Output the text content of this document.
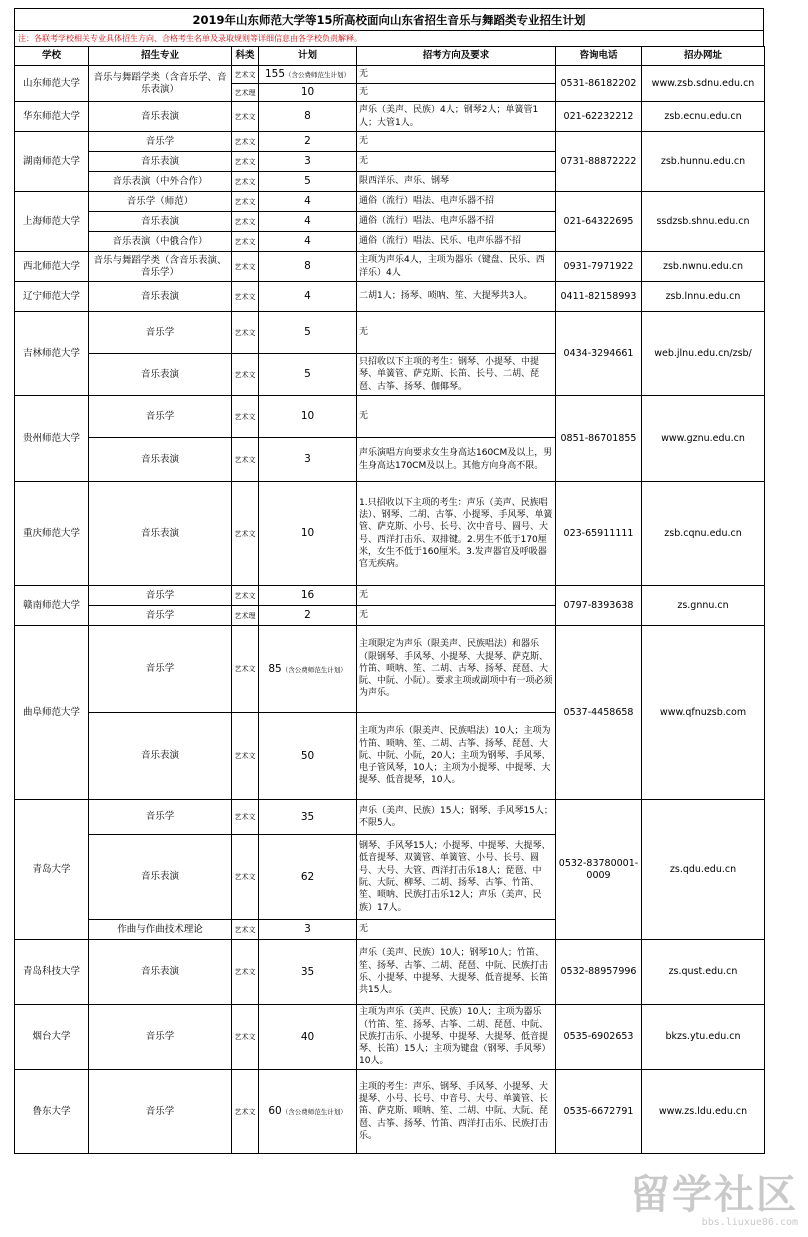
2019年山东师范大学等15所高校面向山东省招生音乐与舞蹈类专业招生计划
注：各联考学校相关专业具体招生方向、合格考生名单及录取规则等详细信息由各学校负责解释。
学校	招生专业	科类	计划	招考方向及要求	咨询电话	招办网址
山东师范大学	音乐与舞蹈学类（含音乐学、音乐表演）	艺术文	155（含公费师范生计划）	无	0531-86182202	www.zsb.sdnu.edu.cn
		艺术理	10	无		
华东师范大学	音乐表演	艺术文	8	声乐（美声、民族）4人；钢琴2人；单簧管1人；大管1人。	021-62232212	zsb.ecnu.edu.cn
湖南师范大学	音乐学	艺术文	2	无	0731-88872222	zsb.hunnu.edu.cn
	音乐表演	艺术文	3	无		
	音乐表演（中外合作）	艺术文	5	限西洋乐、声乐、钢琴		
上海师范大学	音乐学（师范）	艺术文	4	通俗（流行）唱法、电声乐器不招	021-64322695	ssdzsb.shnu.edu.cn
	音乐表演	艺术文	4	通俗（流行）唱法、电声乐器不招		
	音乐表演（中俄合作）	艺术文	4	通俗（流行）唱法、民乐、电声乐器不招		
西北师范大学	音乐与舞蹈学类（含音乐表演、音乐学）	艺术文	8	主项为声乐4人，主项为器乐（键盘、民乐、西洋乐）4人	0931-7971922	zsb.nwnu.edu.cn
辽宁师范大学	音乐表演	艺术文	4	二胡1人；扬琴、唢呐、笙、大提琴共3人。	0411-82158993	zsb.lnnu.edu.cn
吉林师范大学	音乐学	艺术文	5	无	0434-3294661	web.jlnu.edu.cn/zsb/
	音乐表演	艺术文	5	只招收以下主项的考生：钢琴、小提琴、中提琴、单簧管、萨克斯、长笛、长号、二胡、琵琶、古筝、扬琴、伽倻琴。		
贵州师范大学	音乐学	艺术文	10	无	0851-86701855	www.gznu.edu.cn
	音乐表演	艺术文	3	声乐演唱方向要求女生身高达160CM及以上，男生身高达170CM及以上。其他方向身高不限。		
重庆师范大学	音乐表演	艺术文	10	1.只招收以下主项的考生：声乐（美声、民族唱法）、钢琴、二胡、古筝、小提琴、手风琴、单簧管、萨克斯、小号、长号、次中音号、圆号、大号、西洋打击乐、双排键。2.男生不低于170厘米，女生不低于160厘米。3.发声器官及呼吸器官无疾病。	023-65911111	zsb.cqnu.edu.cn
赣南师范大学	音乐学	艺术文	16	无	0797-8393638	zs.gnnu.cn
	音乐学	艺术理	2	无		
曲阜师范大学	音乐学	艺术文	85（含公费师范生计划）	主项限定为声乐（限美声、民族唱法）和器乐（限钢琴、手风琴、小提琴、大提琴、萨克斯、竹笛、唢呐、笙、二胡、古琴、扬琴、琵琶、大阮、中阮、小阮）。要求主项或副项中有一项必须为声乐。	0537-4458658	www.qfnuzsb.com
	音乐表演	艺术文	50	主项为声乐（限美声、民族唱法）10人；主项为竹笛、唢呐、笙、二胡、古筝、扬琴、琵琶、大阮、中阮、小阮，20人；主项为钢琴、手风琴、电子管风琴，10人；主项为小提琴、中提琴、大提琴、低音提琴，10人。		
青岛大学	音乐学	艺术文	35	声乐（美声、民族）15人；钢琴、手风琴15人；不限5人。	0532-83780001-0009	zs.qdu.edu.cn
	音乐表演	艺术文	62	钢琴、手风琴15人；小提琴、中提琴、大提琴、低音提琴、双簧管、单簧管、小号、长号、圆号、大号、大管、西洋打击乐18人；琵琶、中阮、大阮、柳琴、二胡、扬琴、古筝、竹笛、笙、唢呐、民族打击乐12人；声乐（美声、民族）17人。		
	作曲与作曲技术理论	艺术文	3	无		
青岛科技大学	音乐表演	艺术文	35	声乐（美声、民族）10人；钢琴10人；竹笛、笙、扬琴、古筝、二胡、琵琶、中阮、民族打击乐、小提琴、中提琴、大提琴、低音提琴、长笛共15人。	0532-88957996	zs.qust.edu.cn
烟台大学	音乐学	艺术文	40	主项为声乐（美声、民族）10人；主项为器乐（竹笛、笙、扬琴、古筝、二胡、琵琶、中阮、民族打击乐、小提琴、中提琴、大提琴、低音提琴、长笛）15人；主项为键盘（钢琴、手风琴）10人。	0535-6902653	bkzs.ytu.edu.cn
鲁东大学	音乐学	艺术文	60（含公费师范生计划）	主项的考生：声乐、钢琴、手风琴、小提琴、大提琴、小号、长号、中音号、大号、单簧管、长笛、萨克斯、唢呐、笙、二胡、中阮、大阮、琵琶、古筝、扬琴、竹笛、西洋打击乐、民族打击乐。	0535-6672791	www.zs.ldu.edu.cn
留学社区
bbs.liuxue86.com
